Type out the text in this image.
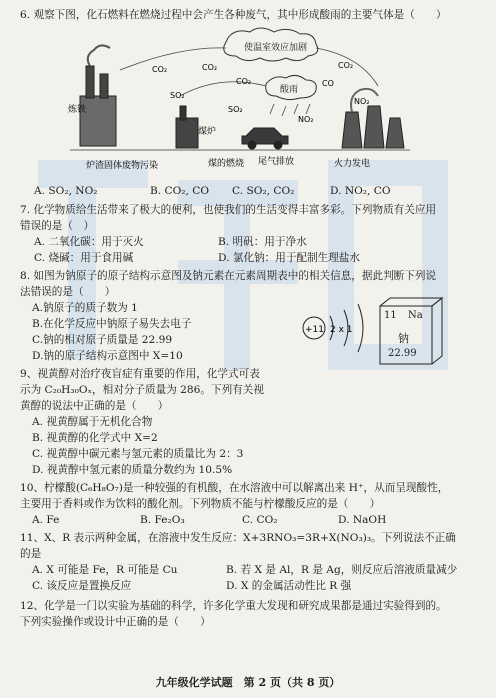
6. 观察下图，化石燃料在燃烧过程中会产生各种废气，其中形成酸雨的主要气体是（　　）
使温室效应加剧
酸雨
CO₂	CO₂
SO₂
CO₂
SO₂
CO
CO₂
NO₂
NO₂
炼铁
炉渣固体废物污染
煤炉
煤的燃烧 尾气排放	火力发电
A. SO₂, NO₂	B. CO₂, CO C. SO₂, CO₂	D. NO₂, CO
7. 化学物质给生活带来了极大的便利，也使我们的生活变得丰富多彩。下列物质有关应用
错误的是（　）
A. 二氧化碳：用于灭火	B. 明矾：用于净水
C. 烧碱：用于食用碱	D. 氯化钠：用于配制生理盐水
8. 如图为钠原子的原子结构示意图及钠元素在元素周期表中的相关信息，据此判断下列说
法错误的是（　　）
A.钠原子的质子数为 1
B.在化学反应中钠原子易失去电子
C.钠的相对原子质量是 22.99
D.钠的原子结构示意图中 X=10
+11 2 x 1
11 Na
钠
22.99
9、视黄醇对治疗夜盲症有重要的作用，化学式可表
示为 C₂₀H₃₀Oₓ，相对分子质量为 286。下列有关视
黄醇的说法中正确的是（　　）
A. 视黄醇属于无机化合物
B. 视黄醇的化学式中 X=2
C. 视黄醇中碳元素与氢元素的质量比为 2：3
D. 视黄醇中氢元素的质量分数约为 10.5%
10、柠檬酸(C₆H₈O₇)是一种较强的有机酸，在水溶液中可以解离出来 H⁺，从而呈现酸性，
主要用于香料或作为饮料的酸化剂。下列物质不能与柠檬酸反应的是（　　）
A. Fe	B. Fe₂O₃	C. CO₂	D. NaOH
11、X、R 表示两种金属，在溶液中发生反应：X+3RNO₃=3R+X(NO₃)₃。下列说法不正确
的是
A. X 可能是 Fe，R 可能是 Cu	B. 若 X 是 Al，R 是 Ag，则反应后溶液质量减少
C. 该反应是置换反应	D. X 的金属活动性比 R 强
12、化学是一门以实验为基础的科学，许多化学重大发现和研究成果都是通过实验得到的。
下列实验操作或设计中正确的是（　　）
九年级化学试题　第 2 页（共 8 页）
